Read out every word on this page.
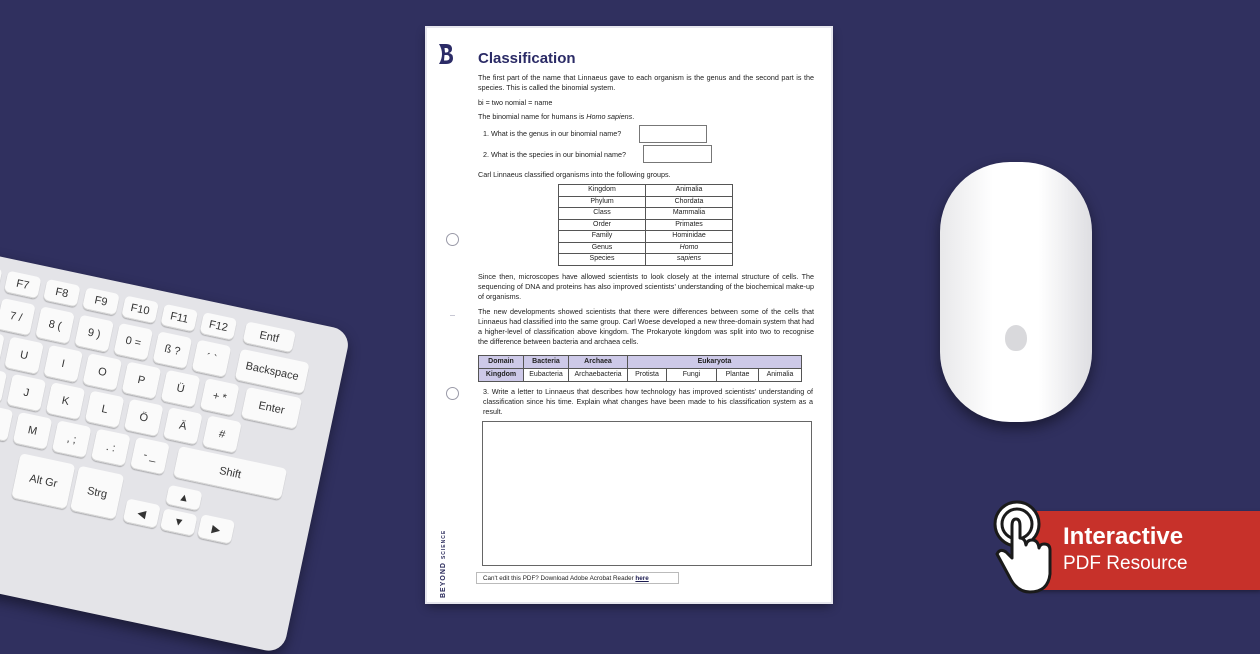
F7
F8
F9
F10
F11
F12
7 /
8 (
9 )
0 =
ß ?
´ `
U
I
O
P
Ü
+ *
J
K
L
Ö
Ä
#
M
, ;
. :
- _
Entf
Backspace
Enter
Shift
Alt Gr
Strg
◀
▲
▼
▶
BEYONDSCIENCE
Classification
The first part of the name that Linnaeus gave to each organism is the genus and the second part is the species. This is called the binomial system.
bi = two nomial = name
The binomial name for humans is Homo sapiens.
1. What is the genus in our binomial name?
2. What is the species in our binomial name?
Carl Linnaeus classified organisms into the following groups.
Kingdom	Animalia
Phylum	Chordata
Class	Mammalia
Order	Primates
Family	Hominidae
Genus	Homo
Species	sapiens
Since then, microscopes have allowed scientists to look closely at the internal structure of cells. The sequencing of DNA and proteins has also improved scientists’ understanding of the biochemical make-up of organisms.
The new developments showed scientists that there were differences between some of the cells that Linnaeus had classified into the same group. Carl Woese developed a new three-domain system that had a higher-level of classification above kingdom. The Prokaryote kingdom was split into two to recognise the difference between bacteria and archaea cells.
Domain	Bacteria	Archaea	Eukaryota			
Kingdom	Eubacteria	Archaebacteria	Protista	Fungi	Plantae	Animalia
3. Write a letter to Linnaeus that describes how technology has improved scientists’ understanding of classification since his time. Explain what changes have been made to his classification system as a result.
Can't edit this PDF? Download Adobe Acrobat Reader here
Interactive
PDF Resource
